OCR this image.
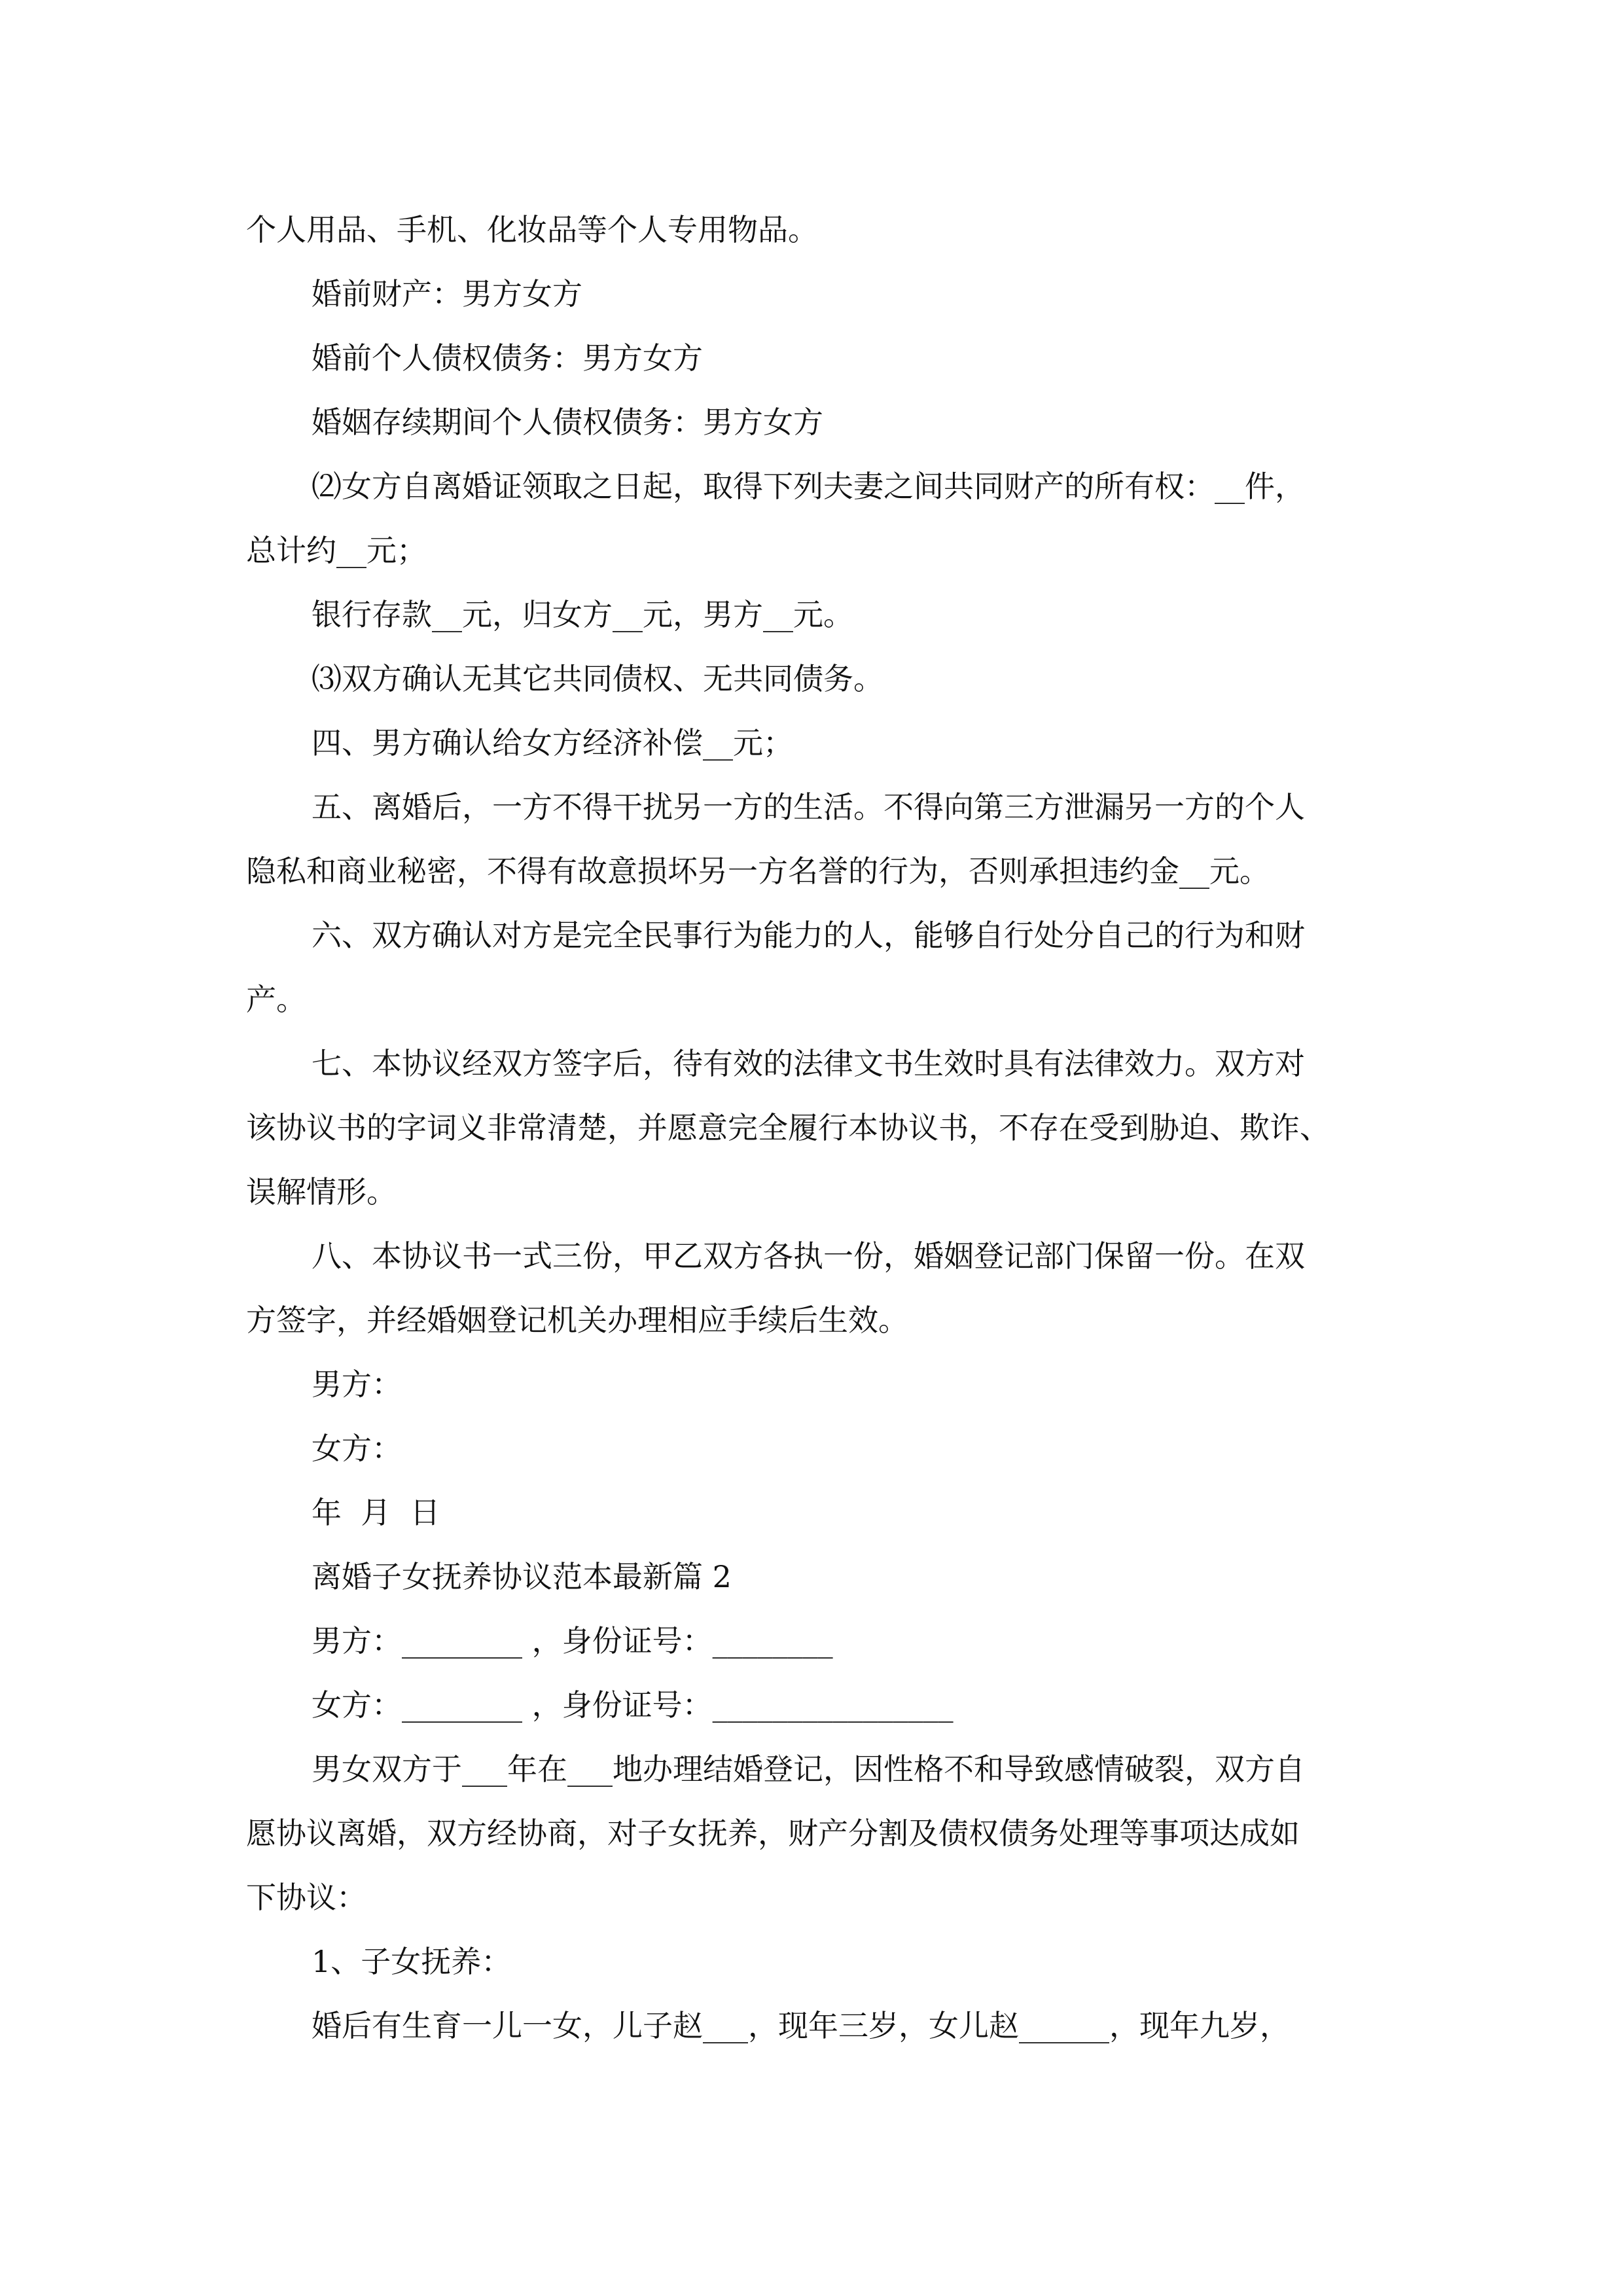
个人用品、手机、化妆品等个人专用物品。

婚前财产：男方女方

婚前个人债权债务：男方女方

婚姻存续期间个人债权债务：男方女方

⑵女方自离婚证领取之日起，取得下列夫妻之间共同财产的所有权：__件，

总计约__元；

银行存款__元，归女方__元，男方__元。

⑶双方确认无其它共同债权、无共同债务。

四、男方确认给女方经济补偿__元；

五、离婚后，一方不得干扰另一方的生活。不得向第三方泄漏另一方的个人

隐私和商业秘密，不得有故意损坏另一方名誉的行为，否则承担违约金__元。

六、双方确认对方是完全民事行为能力的人，能够自行处分自己的行为和财

产。

七、本协议经双方签字后，待有效的法律文书生效时具有法律效力。双方对

该协议书的字词义非常清楚，并愿意完全履行本协议书，不存在受到胁迫、欺诈、

误解情形。

八、本协议书一式三份，甲乙双方各执一份，婚姻登记部门保留一份。在双

方签字，并经婚姻登记机关办理相应手续后生效。

男方：

女方：

年  月  日

离婚子女抚养协议范本最新篇 2

男方：________ ，身份证号：________

女方：________ ，身份证号：________________

男女双方于___年在___地办理结婚登记，因性格不和导致感情破裂，双方自

愿协议离婚，双方经协商，对子女抚养，财产分割及债权债务处理等事项达成如

下协议：

1、子女抚养：

婚后有生育一儿一女，儿子赵___，现年三岁，女儿赵______，现年九岁，
